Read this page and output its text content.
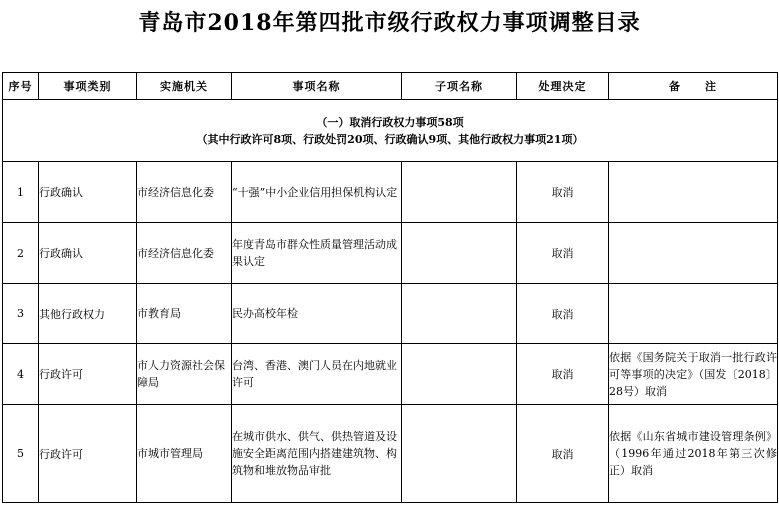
青岛市2018年第四批市级行政权力事项调整目录
序号	事项类别	实施机关	事项名称	子项名称	处理决定	备　　注

（一）取消行政权力事项58项
（其中行政许可8项、行政处罚20项、行政确认9项、其他行政权力事项21项）						

1	行政确认	市经济信息化委	“十强”中小企业信用担保机构认定		取消	
2	行政确认	市经济信息化委	年度青岛市群众性质量管理活动成果认定		取消	
3	其他行政权力	市教育局	民办高校年检		取消	
4	行政许可	市人力资源社会保障局	台湾、香港、澳门人员在内地就业许可		取消	依据《国务院关于取消一批行政许可等事项的决定》（国发〔2018〕28号）取消
5	行政许可	市城市管理局	在城市供水、供气、供热管道及设施安全距离范围内搭建建筑物、构筑物和堆放物品审批		取消	依据《山东省城市建设管理条例》（1996年通过2018年第三次修正）取消
